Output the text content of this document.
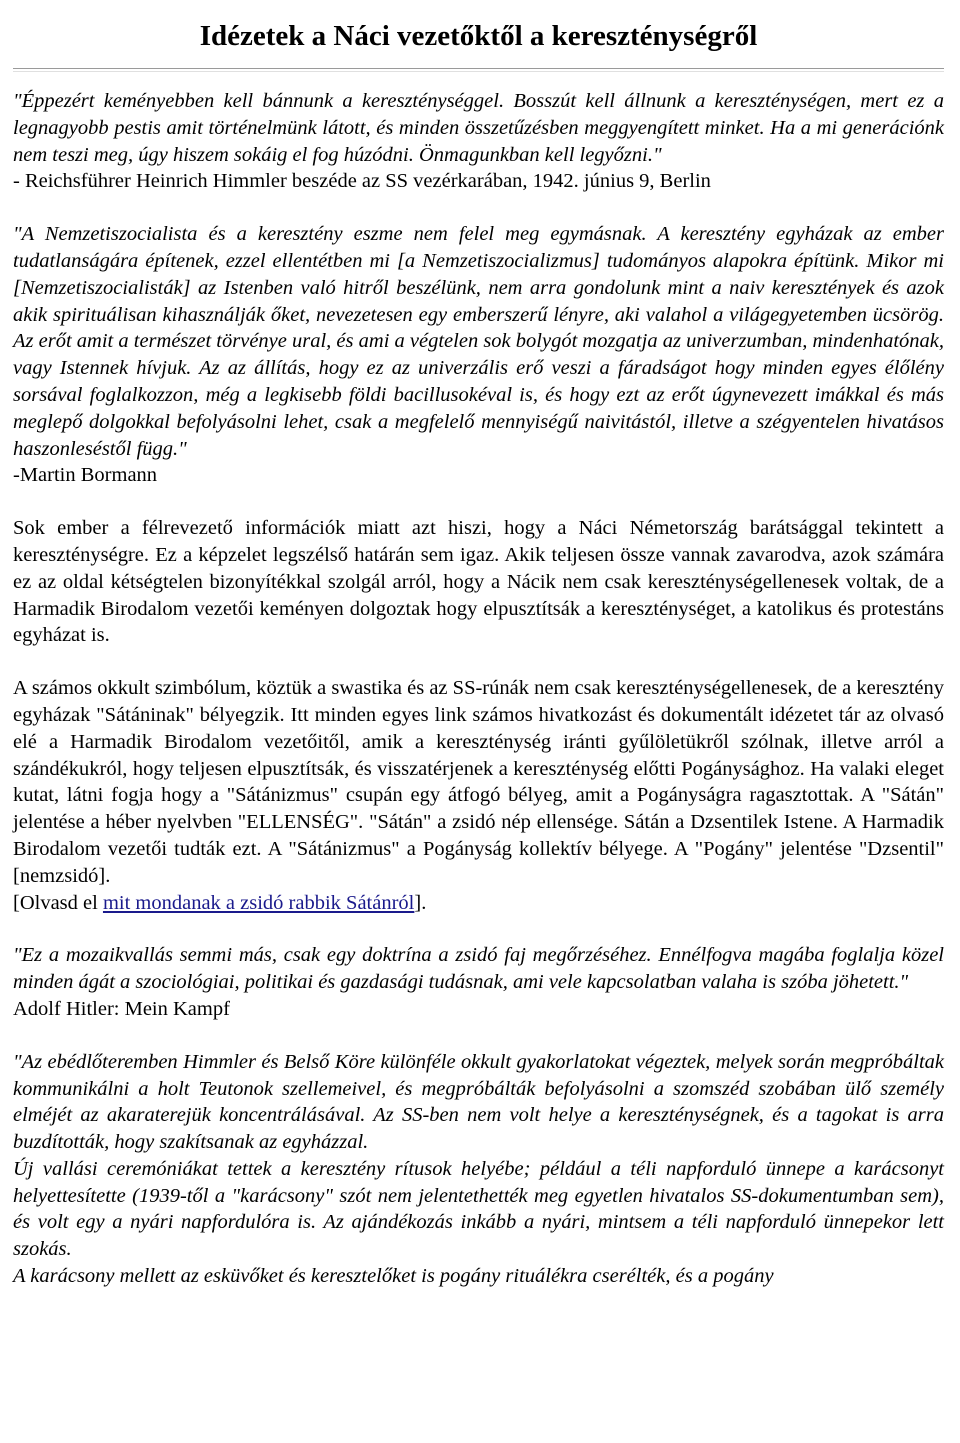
Idézetek a Náci vezetőktől a kereszténységről

"Éppezért keményebben kell bánnunk a kereszténységgel. Bosszút kell állnunk a kereszténységen, mert ez a legnagyobb pestis amit történelmünk látott, és minden összetűzésben meggyengített minket. Ha a mi generációnk nem teszi meg, úgy hiszem sokáig el fog húzódni. Önmagunkban kell legyőzni."
- Reichsführer Heinrich Himmler beszéde az SS vezérkarában, 1942. június 9, Berlin

"A Nemzetiszocialista és a keresztény eszme nem felel meg egymásnak. A keresztény egyházak az ember tudatlanságára építenek, ezzel ellentétben mi [a Nemzetiszocializmus] tudományos alapokra építünk. Mikor mi [Nemzetiszocialisták] az Istenben való hitről beszélünk, nem arra gondolunk mint a naiv keresztények és azok akik spirituálisan kihasználják őket, nevezetesen egy emberszerű lényre, aki valahol a világegyetemben ücsörög. Az erőt amit a természet törvénye ural, és ami a végtelen sok bolygót mozgatja az univerzumban, mindenhatónak, vagy Istennek hívjuk. Az az állítás, hogy ez az univerzális erő veszi a fáradságot hogy minden egyes élőlény sorsával foglalkozzon, még a legkisebb földi bacillusokéval is, és hogy ezt az erőt úgynevezett imákkal és más meglepő dolgokkal befolyásolni lehet, csak a megfelelő mennyiségű naivitástól, illetve a szégyentelen hivatásos haszonleséstől függ."
-Martin Bormann

Sok ember a félrevezető információk miatt azt hiszi, hogy a Náci Németország barátsággal tekintett a kereszténységre. Ez a képzelet legszélső határán sem igaz. Akik teljesen össze vannak zavarodva, azok számára ez az oldal kétségtelen bizonyítékkal szolgál arról, hogy a Nácik nem csak kereszténységellenesek voltak, de a Harmadik Birodalom vezetői keményen dolgoztak hogy elpusztítsák a kereszténységet, a katolikus és protestáns egyházat is.

A számos okkult szimbólum, köztük a swastika és az SS-rúnák nem csak kereszténységellenesek, de a keresztény egyházak "Sátáninak" bélyegzik. Itt minden egyes link számos hivatkozást és dokumentált idézetet tár az olvasó elé a Harmadik Birodalom vezetőitől, amik a kereszténység iránti gyűlöletükről szólnak, illetve arról a szándékukról, hogy teljesen elpusztítsák, és visszatérjenek a kereszténység előtti Pogánysághoz. Ha valaki eleget kutat, látni fogja hogy a "Sátánizmus" csupán egy átfogó bélyeg, amit a Pogányságra ragasztottak. A "Sátán" jelentése a héber nyelvben "ELLENSÉG". "Sátán" a zsidó nép ellensége. Sátán a Dzsentilek Istene. A Harmadik Birodalom vezetői tudták ezt. A "Sátánizmus" a Pogányság kollektív bélyege. A "Pogány" jelentése "Dzsentil" [nemzsidó].
[Olvasd el mit mondanak a zsidó rabbik Sátánról].

"Ez a mozaikvallás semmi más, csak egy doktrína a zsidó faj megőrzéséhez. Ennélfogva magába foglalja közel minden ágát a szociológiai, politikai és gazdasági tudásnak, ami vele kapcsolatban valaha is szóba jöhetett."
Adolf Hitler: Mein Kampf

"Az ebédlőteremben Himmler és Belső Köre különféle okkult gyakorlatokat végeztek, melyek során megpróbáltak kommunikálni a holt Teutonok szellemeivel, és megpróbálták befolyásolni a szomszéd szobában ülő személy elméjét az akaraterejük koncentrálásával. Az SS-ben nem volt helye a kereszténységnek, és a tagokat is arra buzdították, hogy szakítsanak az egyházzal.
Új vallási ceremóniákat tettek a keresztény rítusok helyébe; például a téli napforduló ünnepe a karácsonyt helyettesítette (1939-től a "karácsony" szót nem jelentethették meg egyetlen hivatalos SS-dokumentumban sem), és volt egy a nyári napfordulóra is. Az ajándékozás inkább a nyári, mintsem a téli napforduló ünnepekor lett szokás.
A karácsony mellett az esküvőket és keresztelőket is pogány rituálékra cserélték, és a pogány
